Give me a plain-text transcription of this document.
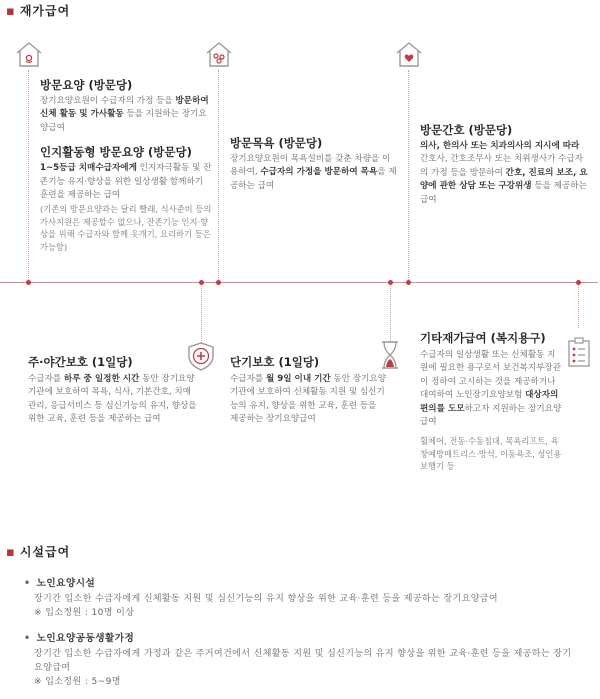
▪ 재가급여

방문요양 (방문당)

장기요양요원이 수급자의 가정 등을 방문하여 신체 활동 및 가사활동 등을 지원하는 장기요양급여

인지활동형 방문요양 (방문당)

1~5등급 치매수급자에게 인지자극활동 및 잔존기능 유지·향상을 위한 일상생활 함께하기 훈련을 제공하는 급여

(기존의 방문요양과는 달리 빨래, 식사준비 등의 가사지원은 제공할수 없으나, 잔존기능 인지·향상을 위해 수급자와 함께 옷개기, 요리하기 등은 가능함)

방문목욕 (방문당)

장기요양요원이 목욕설비를 갖춘 차량을 이용하여, 수급자의 가정을 방문하여 목욕을 제공하는 급여

방문간호 (방문당)

의사, 한의사 또는 치과의사의 지시에 따라 간호사, 간호조무사 또는 치위생사가 수급자의 가정 등을 방문하여 간호, 진료의 보조, 요양에 관한 상담 또는 구강위생 등을 제공하는 급여

주·야간보호 (1일당)

수급자를 하루 중 일정한 시간 동안 장기요양기관에 보호하여 목욕, 식사, 기본간호, 치매관리, 응급서비스 등 심신기능의 유지, 향상을 위한 교육, 훈련 등을 제공하는 급여

단기보호 (1일당)

수급자를 월 9일 이내 기간 동안 장기요양기관에 보호하여 신체활동 지원 및 심신기능의 유지, 향상을 위한 교육, 훈련 등을 제공하는 장기요양급여

기타재가급여 (복지용구)

수급자의 일상생활 또는 신체활동 지원에 필요한 용구로서 보건복지부장관이 정하여 고시하는 것을 제공하거나 대여하여 노인장기요양보험 대상자의 편의를 도모하고자 지원하는 장기요양급여

휠체어, 전동·수동침대, 목욕리프트, 욕창예방매트리스·방석, 이동욕조, 성인용보행기 등

▪ 시설급여

• 노인요양시설

장기간 입소한 수급자에게 신체활동 지원 및 심신기능의 유지 향상을 위한 교육·훈련 등을 제공하는 장기요양급여

※ 입소정원 : 10명 이상

• 노인요양공동생활가정

장기간 입소한 수급자에게 가정과 같은 주거여건에서 신체활동 지원 및 심신기능의 유지 향상을 위한 교육·훈련 등을 제공하는 장기요양급여

※ 입소정원 : 5~9명
